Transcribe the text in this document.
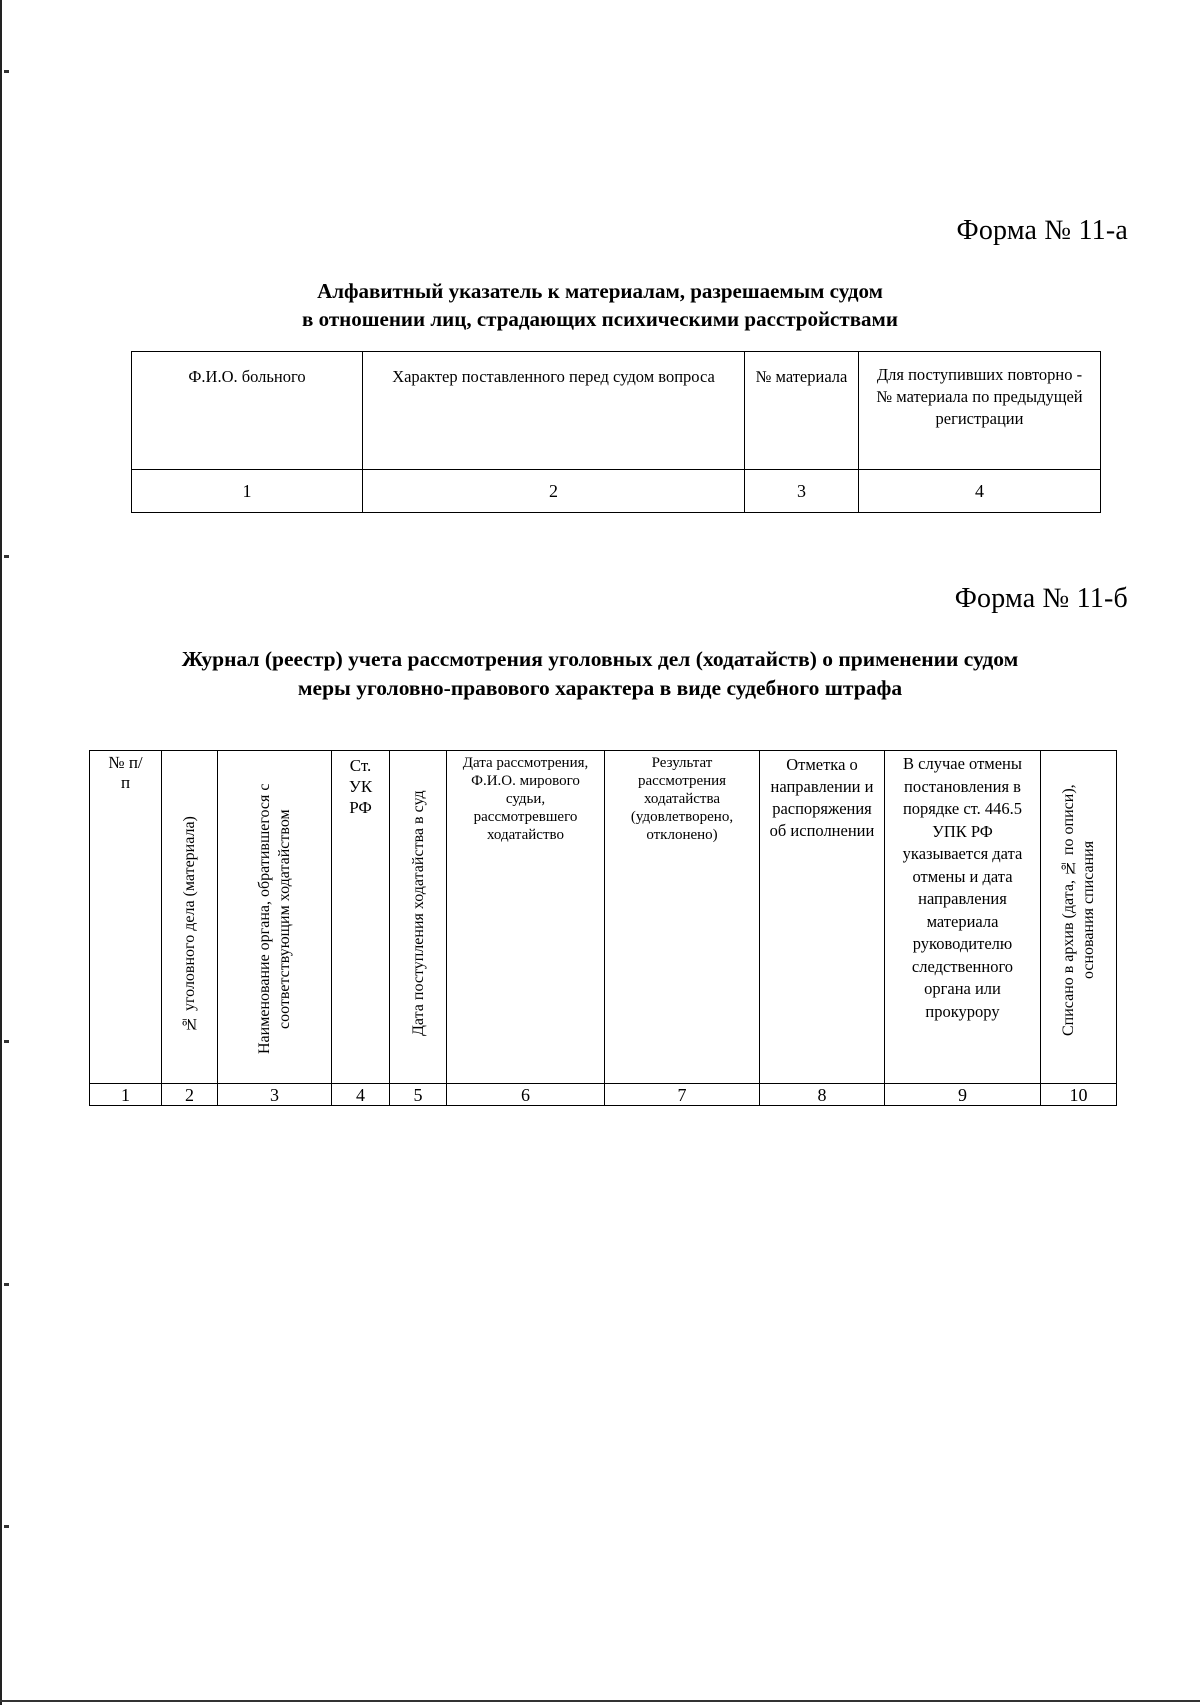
Форма № 11-а
Алфавитный указатель к материалам, разрешаемым судом
в отношении лиц, страдающих психическими расстройствами
Ф.И.О. больного	Характер поставленного перед судом вопроса	№ материала	Для поступивших повторно - № материала по предыдущей регистрации
1	2	3	4
Форма № 11-б
Журнал (реестр) учета рассмотрения уголовных дел (ходатайств) о применении судом
меры уголовно-правового характера в виде судебного штрафа
№ п/п	№ уголовного дела (материала)	Наименование органа, обратившегося с соответствующим ходатайством	Ст. УК РФ	Дата поступления ходатайства в суд	Дата рассмотрения, Ф.И.О. мирового судьи, рассмотревшего ходатайство	Результат рассмотрения ходатайства (удовлетворено, отклонено)	Отметка о направлении и распоряжения об исполнении	В случае отмены постановления в порядке ст. 446.5 УПК РФ указывается дата отмены и дата направления материала руководителю следственного органа или прокурору	Списано в архив (дата, № по описи), основания списания
1	2	3	4	5	6	7	8	9	10
